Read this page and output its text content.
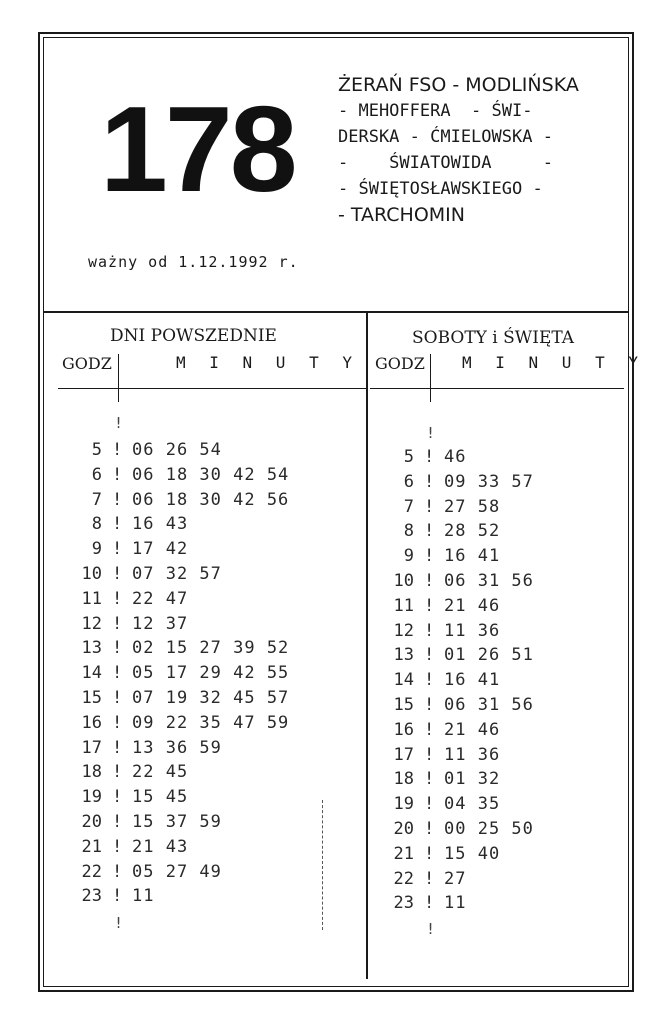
178 ŻERAŃ FSO - MODLIŃSKA
- MEHOFFERA  - ŚWI-
DERSKA - ĆMIELOWSKA -
-    ŚWIATOWIDA     -
- ŚWIĘTOSŁAWSKIEGO -
- TARCHOMIN
ważny od 1.12.1992 r.
DNI POWSZEDNIE
GODZ	M I N U T Y
SOBOTY i ŚWIĘTA
GODZ M I N U T Y
!
!
!
!
5 ! 06 26 54
6 ! 06 18 30 42 54
7 ! 06 18 30 42 56
8 ! 16 43
9 ! 17 42
10 ! 07 32 57
11 ! 22 47
12 ! 12 37
13 ! 02 15 27 39 52
14 ! 05 17 29 42 55
15 ! 07 19 32 45 57
16 ! 09 22 35 47 59
17 ! 13 36 59
18 ! 22 45
19 ! 15 45
20 ! 15 37 59
21 ! 21 43
22 ! 05 27 49
23 ! 11
5 ! 46
6 ! 09 33 57
7 ! 27 58
8 ! 28 52
9 ! 16 41
10 ! 06 31 56
11 ! 21 46
12 ! 11 36
13 ! 01 26 51
14 ! 16 41
15 ! 06 31 56
16 ! 21 46
17 ! 11 36
18 ! 01 32
19 ! 04 35
20 ! 00 25 50
21 ! 15 40
22 ! 27
23 ! 11
